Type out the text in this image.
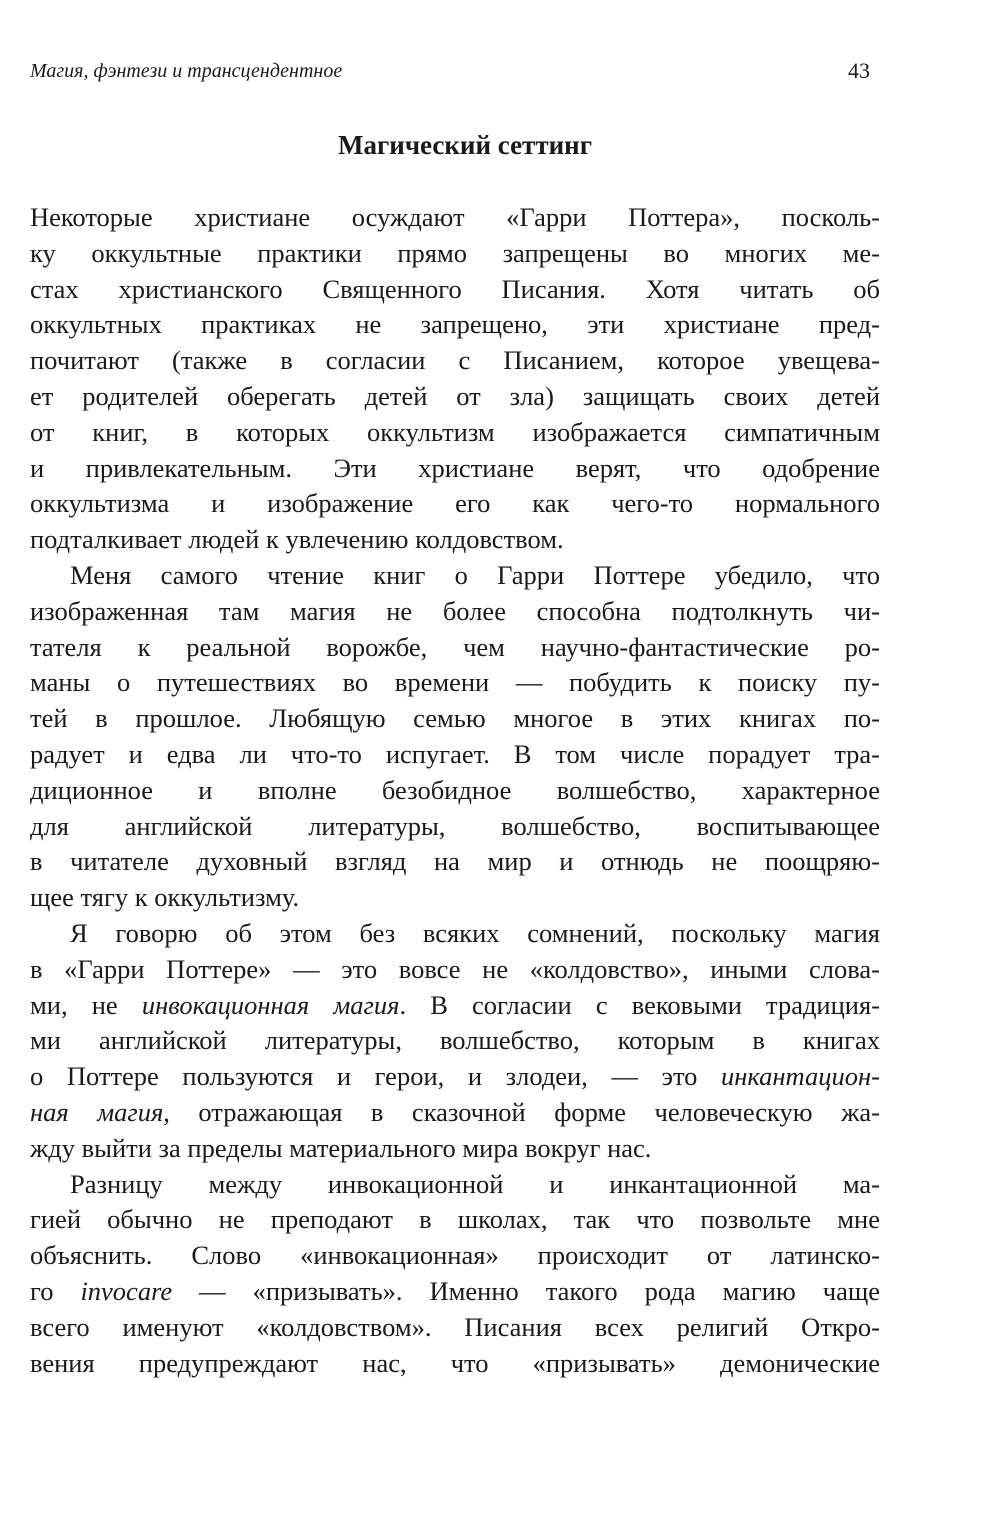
Магия, фэнтези и трансцендентное	43
Магический сеттинг
Некоторые христиане осуждают «Гарри Поттера», посколь-
ку оккультные практики прямо запрещены во многих ме-
стах христианского Священного Писания. Хотя читать об
оккультных практиках не запрещено, эти христиане пред-
почитают (также в согласии с Писанием, которое увещева-
ет родителей оберегать детей от зла) защищать своих детей
от книг, в которых оккультизм изображается симпатичным
и привлекательным. Эти христиане верят, что одобрение
оккультизма и изображение его как чего-то нормального
подталкивает людей к увлечению колдовством.
Меня самого чтение книг о Гарри Поттере убедило, что
изображенная там магия не более способна подтолкнуть чи-
тателя к реальной ворожбе, чем научно-фантастические ро-
маны о путешествиях во времени — побудить к поиску пу-
тей в прошлое. Любящую семью многое в этих книгах по-
радует и едва ли что-то испугает. В том числе порадует тра-
диционное и вполне безобидное волшебство, характерное
для английской литературы, волшебство, воспитывающее
в читателе духовный взгляд на мир и отнюдь не поощряю-
щее тягу к оккультизму.
Я говорю об этом без всяких сомнений, поскольку магия
в «Гарри Поттере» — это вовсе не «колдовство», иными слова-
ми, не инвокационная магия. В согласии с вековыми традиция-
ми английской литературы, волшебство, которым в книгах
о Поттере пользуются и герои, и злодеи, — это инкантацион-
ная магия, отражающая в сказочной форме человеческую жа-
жду выйти за пределы материального мира вокруг нас.
Разницу между инвокационной и инкантационной ма-
гией обычно не преподают в школах, так что позвольте мне
объяснить. Слово «инвокационная» происходит от латинско-
го invocare — «призывать». Именно такого рода магию чаще
всего именуют «колдовством». Писания всех религий Откро-
вения предупреждают нас, что «призывать» демонические
